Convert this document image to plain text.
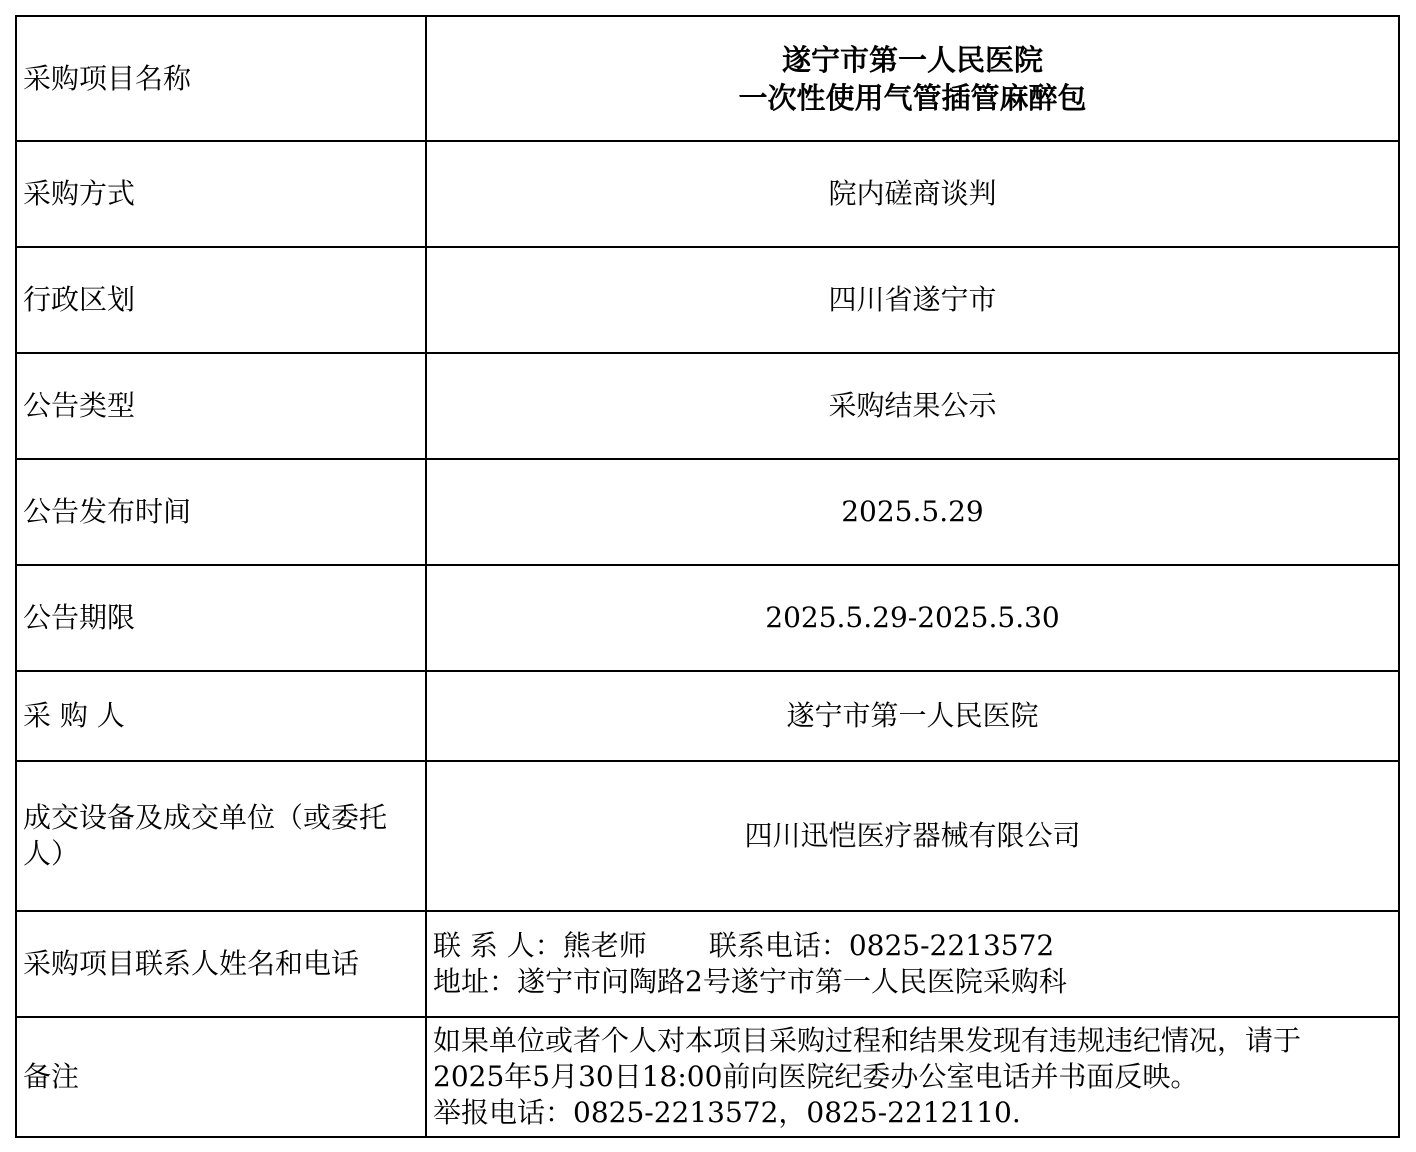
采购项目名称	遂宁市第一人民医院
一次性使用气管插管麻醉包

采购方式	院内磋商谈判
行政区划	四川省遂宁市
公告类型	采购结果公示
公告发布时间	2025.5.29
公告期限	2025.5.29-2025.5.30
采 购 人	遂宁市第一人民医院
成交设备及成交单位（或委托人）	四川迅恺医疗器械有限公司
采购项目联系人姓名和电话	联 系 人：熊老师 联系电话：0825-2213572
地址：遂宁市问陶路2号遂宁市第一人民医院采购科

备注	如果单位或者个人对本项目采购过程和结果发现有违规违纪情况，请于
2025年5月30日18:00前向医院纪委办公室电话并书面反映。
举报电话：0825-2213572，0825-2212110.
